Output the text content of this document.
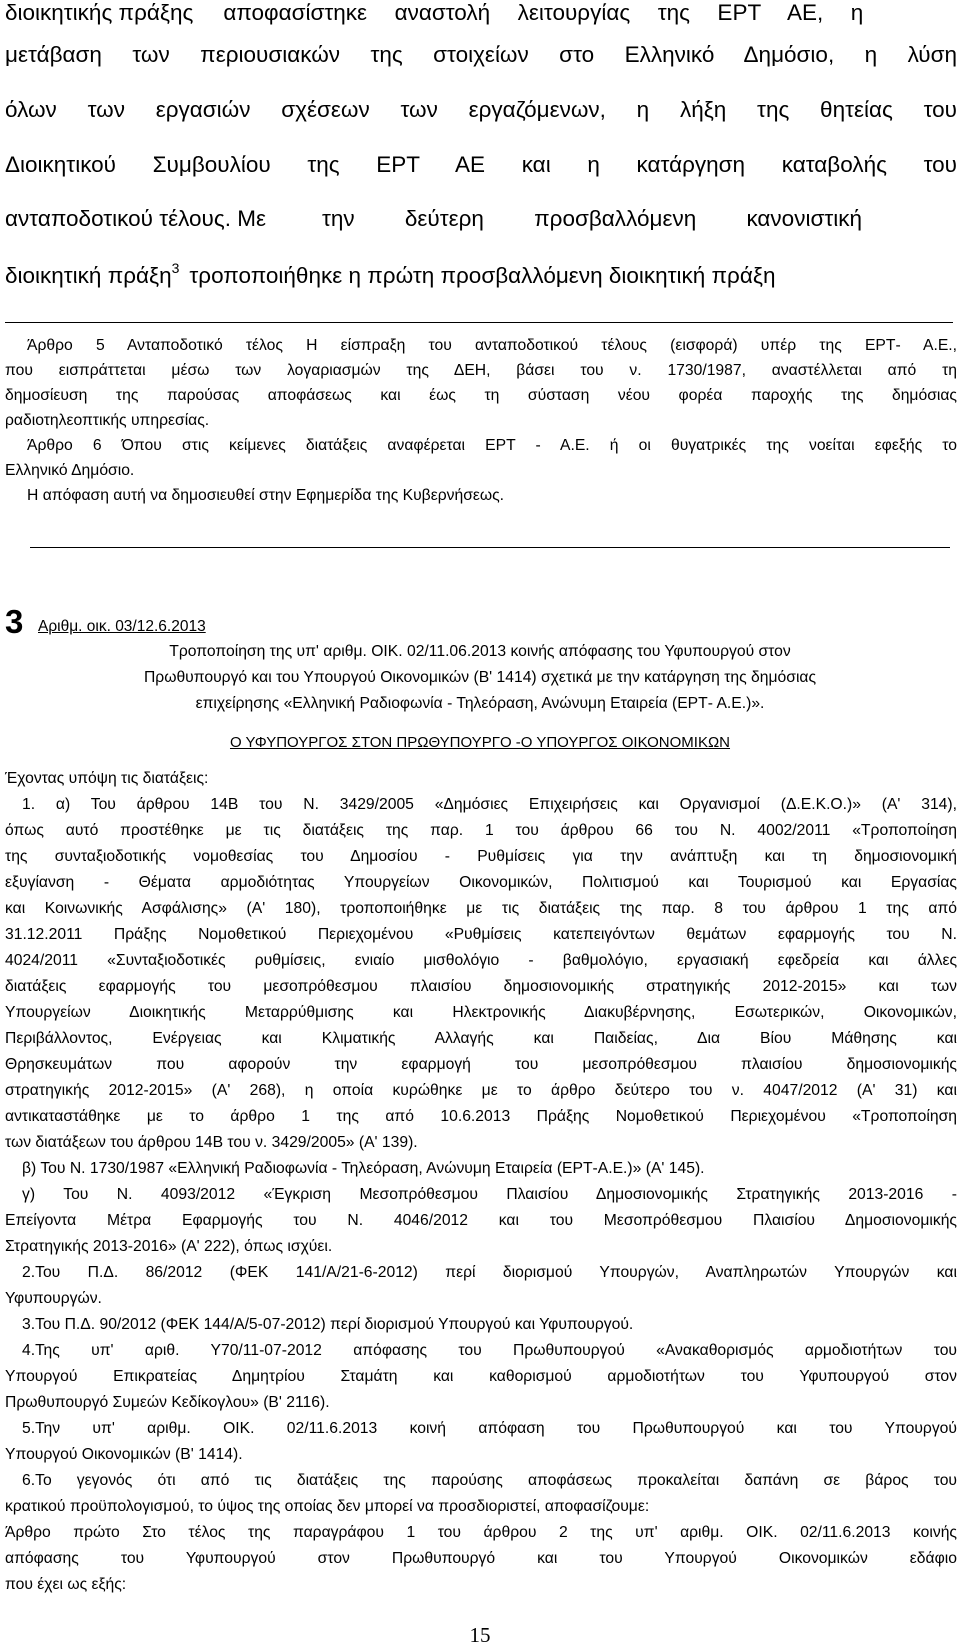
διοικητικής πράξης αποφασίστηκε αναστολή λειτουργίας της ΕΡΤ ΑΕ, η
μετάβαση των περιουσιακών της στοιχείων στο Ελληνικό Δημόσιο, η λύση
όλων των εργασιών σχέσεων των εργαζόμενων, η λήξη της θητείας του
Διοικητικού Συμβουλίου της ΕΡΤ ΑΕ και η κατάργηση καταβολής του
ανταποδοτικού τέλους. Με την δεύτερη προσβαλλόμενη κανονιστική
διοικητική πράξη$^3$ τροποποιήθηκε η πρώτη προσβαλλόμενη διοικητική πράξη
Άρθρο 5 Ανταποδοτικό τέλος Η είσπραξη του ανταποδοτικού τέλους (εισφορά) υπέρ της ΕΡΤ- Α.Ε.,
που εισπράττεται μέσω των λογαριασμών της ΔΕΗ, βάσει του ν. 1730/1987, αναστέλλεται από τη
δημοσίευση της παρούσας αποφάσεως και έως τη σύσταση νέου φορέα παροχής της δημόσιας
ραδιοτηλεοπτικής υπηρεσίας.
Άρθρο 6 Όπου στις κείμενες διατάξεις αναφέρεται ΕΡΤ - Α.Ε. ή οι θυγατρικές της νοείται εφεξής το
Ελληνικό Δημόσιο.
Η απόφαση αυτή να δημοσιευθεί στην Εφημερίδα της Κυβερνήσεως.
3 Αριθμ. οικ. 03/12.6.2013
Τροποποίηση της υπ' αριθμ. ΟΙΚ. 02/11.06.2013 κοινής απόφασης του Υφυπουργού στον
Πρωθυπουργό και του Υπουργού Οικονομικών (Β' 1414) σχετικά με την κατάργηση της δημόσιας
επιχείρησης «Ελληνική Ραδιοφωνία - Τηλεόραση, Ανώνυμη Εταιρεία (ΕΡΤ- Α.Ε.)».
Ο ΥΦΥΠΟΥΡΓΟΣ ΣΤΟΝ ΠΡΩΘΥΠΟΥΡΓΟ -Ο ΥΠΟΥΡΓΟΣ ΟΙΚΟΝΟΜΙΚΩΝ
Έχοντας υπόψη τις διατάξεις:
1. α) Του άρθρου 14Β του Ν. 3429/2005 «Δημόσιες Επιχειρήσεις και Οργανισμοί (Δ.Ε.Κ.Ο.)» (Α' 314),
όπως αυτό προστέθηκε με τις διατάξεις της παρ. 1 του άρθρου 66 του Ν. 4002/2011 «Τροποποίηση
της συνταξιοδοτικής νομοθεσίας του Δημοσίου - Ρυθμίσεις για την ανάπτυξη και τη δημοσιονομική
εξυγίανση - Θέματα αρμοδιότητας Υπουργείων Οικονομικών, Πολιτισμού και Τουρισμού και Εργασίας
και Κοινωνικής Ασφάλισης» (Α' 180), τροποποιήθηκε με τις διατάξεις της παρ. 8 του άρθρου 1 της από
31.12.2011 Πράξης Νομοθετικού Περιεχομένου «Ρυθμίσεις κατεπειγόντων θεμάτων εφαρμογής του Ν.
4024/2011 «Συνταξιοδοτικές ρυθμίσεις, ενιαίο μισθολόγιο - βαθμολόγιο, εργασιακή εφεδρεία και άλλες
διατάξεις εφαρμογής του μεσοπρόθεσμου πλαισίου δημοσιονομικής στρατηγικής 2012-2015» και των
Υπουργείων Διοικητικής Μεταρρύθμισης και Ηλεκτρονικής Διακυβέρνησης, Εσωτερικών, Οικονομικών,
Περιβάλλοντος, Ενέργειας και Κλιματικής Αλλαγής και Παιδείας, Δια Βίου Μάθησης και
Θρησκευμάτων που αφορούν την εφαρμογή του μεσοπρόθεσμου πλαισίου δημοσιονομικής
στρατηγικής 2012-2015» (Α' 268), η οποία κυρώθηκε με το άρθρο δεύτερο του ν. 4047/2012 (Α' 31) και
αντικαταστάθηκε με το άρθρο 1 της από 10.6.2013 Πράξης Νομοθετικού Περιεχομένου «Τροποποίηση
των διατάξεων του άρθρου 14Β του ν. 3429/2005» (Α' 139).
β) Του Ν. 1730/1987 «Ελληνική Ραδιοφωνία - Τηλεόραση, Ανώνυμη Εταιρεία (ΕΡΤ-Α.Ε.)» (Α' 145).
γ) Του Ν. 4093/2012 «Έγκριση Μεσοπρόθεσμου Πλαισίου Δημοσιονομικής Στρατηγικής 2013-2016 -
Επείγοντα Μέτρα Εφαρμογής του Ν. 4046/2012 και του Μεσοπρόθεσμου Πλαισίου Δημοσιονομικής
Στρατηγικής 2013-2016» (Α' 222), όπως ισχύει.
2.Του Π.Δ. 86/2012 (ΦΕΚ 141/Α/21-6-2012) περί διορισμού Υπουργών, Αναπληρωτών Υπουργών και
Υφυπουργών.
3.Του Π.Δ. 90/2012 (ΦΕΚ 144/Α/5-07-2012) περί διορισμού Υπουργού και Υφυπουργού.
4.Της υπ' αριθ. Υ70/11-07-2012 απόφασης του Πρωθυπουργού «Ανακαθορισμός αρμοδιοτήτων του
Υπουργού Επικρατείας Δημητρίου Σταμάτη και καθορισμού αρμοδιοτήτων του Υφυπουργού στον
Πρωθυπουργό Συμεών Κεδίκογλου» (Β' 2116).
5.Την υπ' αριθμ. ΟΙΚ. 02/11.6.2013 κοινή απόφαση του Πρωθυπουργού και του Υπουργού
Υπουργού Οικονομικών (Β' 1414).
6.Το γεγονός ότι από τις διατάξεις της παρούσης αποφάσεως προκαλείται δαπάνη σε βάρος του
κρατικού προϋπολογισμού, το ύψος της οποίας δεν μπορεί να προσδιοριστεί, αποφασίζουμε:
Άρθρο πρώτο Στο τέλος της παραγράφου 1 του άρθρου 2 της υπ' αριθμ. ΟΙΚ. 02/11.6.2013 κοινής
απόφασης του Υφυπουργού στον Πρωθυπουργό και του Υπουργού Οικονομικών εδάφιο
που έχει ως εξής:
15
